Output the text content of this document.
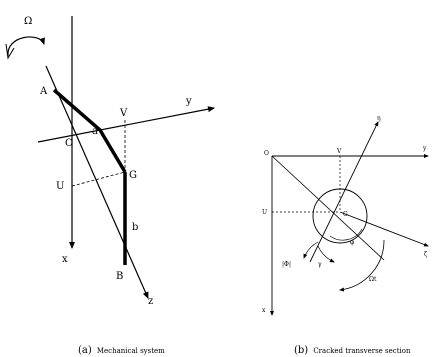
Ω
x
y
z
A
O
a
V
U
G
b
B
y
x
O	V
U
η
ζ
G
φ
|Φ|	γ
Ωt
(a) Mechanical system	(b) Cracked transverse section
